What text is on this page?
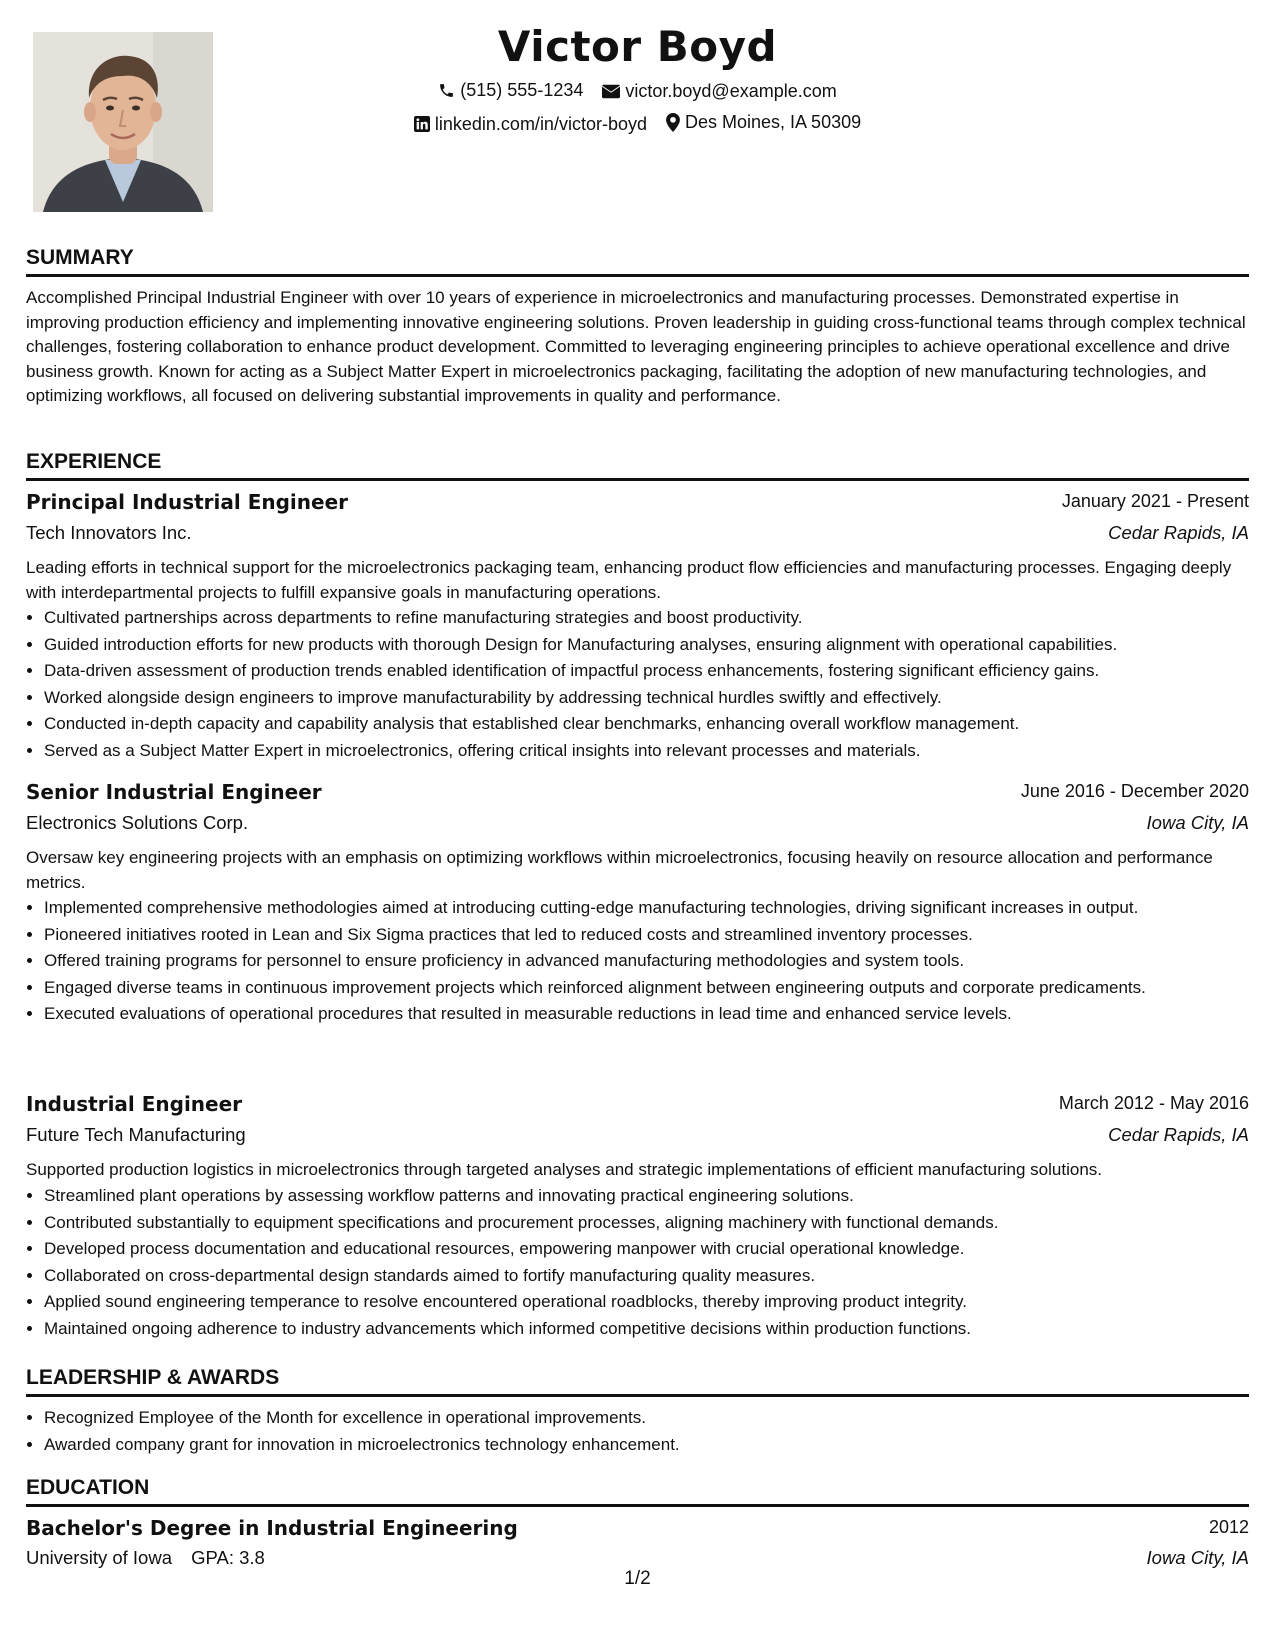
Victor Boyd
(515) 555-1234
victor.boyd@example.com
linkedin.com/in/victor-boyd
Des Moines, IA 50309
SUMMARY
Accomplished Principal Industrial Engineer with over 10 years of experience in microelectronics and manufacturing processes. Demonstrated expertise in improving production efficiency and implementing innovative engineering solutions. Proven leadership in guiding cross-functional teams through complex technical challenges, fostering collaboration to enhance product development. Committed to leveraging engineering principles to achieve operational excellence and drive business growth. Known for acting as a Subject Matter Expert in microelectronics packaging, facilitating the adoption of new manufacturing technologies, and optimizing workflows, all focused on delivering substantial improvements in quality and performance.
EXPERIENCE
Principal Industrial Engineer	January 2021 - Present
Tech Innovators Inc.	Cedar Rapids, IA
Leading efforts in technical support for the microelectronics packaging team, enhancing product flow efficiencies and manufacturing processes. Engaging deeply with interdepartmental projects to fulfill expansive goals in manufacturing operations.
• Cultivated partnerships across departments to refine manufacturing strategies and boost productivity.
• Guided introduction efforts for new products with thorough Design for Manufacturing analyses, ensuring alignment with operational capabilities.
• Data-driven assessment of production trends enabled identification of impactful process enhancements, fostering significant efficiency gains.
• Worked alongside design engineers to improve manufacturability by addressing technical hurdles swiftly and effectively.
• Conducted in-depth capacity and capability analysis that established clear benchmarks, enhancing overall workflow management.
• Served as a Subject Matter Expert in microelectronics, offering critical insights into relevant processes and materials.
Senior Industrial Engineer	June 2016 - December 2020
Electronics Solutions Corp.	Iowa City, IA
Oversaw key engineering projects with an emphasis on optimizing workflows within microelectronics, focusing heavily on resource allocation and performance metrics.
• Implemented comprehensive methodologies aimed at introducing cutting-edge manufacturing technologies, driving significant increases in output.
• Pioneered initiatives rooted in Lean and Six Sigma practices that led to reduced costs and streamlined inventory processes.
• Offered training programs for personnel to ensure proficiency in advanced manufacturing methodologies and system tools.
• Engaged diverse teams in continuous improvement projects which reinforced alignment between engineering outputs and corporate predicaments.
• Executed evaluations of operational procedures that resulted in measurable reductions in lead time and enhanced service levels.
Industrial Engineer	March 2012 - May 2016
Future Tech Manufacturing	Cedar Rapids, IA
Supported production logistics in microelectronics through targeted analyses and strategic implementations of efficient manufacturing solutions.
• Streamlined plant operations by assessing workflow patterns and innovating practical engineering solutions.
• Contributed substantially to equipment specifications and procurement processes, aligning machinery with functional demands.
• Developed process documentation and educational resources, empowering manpower with crucial operational knowledge.
• Collaborated on cross-departmental design standards aimed to fortify manufacturing quality measures.
• Applied sound engineering temperance to resolve encountered operational roadblocks, thereby improving product integrity.
• Maintained ongoing adherence to industry advancements which informed competitive decisions within production functions.
LEADERSHIP & AWARDS
• Recognized Employee of the Month for excellence in operational improvements.
• Awarded company grant for innovation in microelectronics technology enhancement.
EDUCATION
Bachelor's Degree in Industrial Engineering	2012
University of Iowa GPA: 3.8	Iowa City, IA
1/2
